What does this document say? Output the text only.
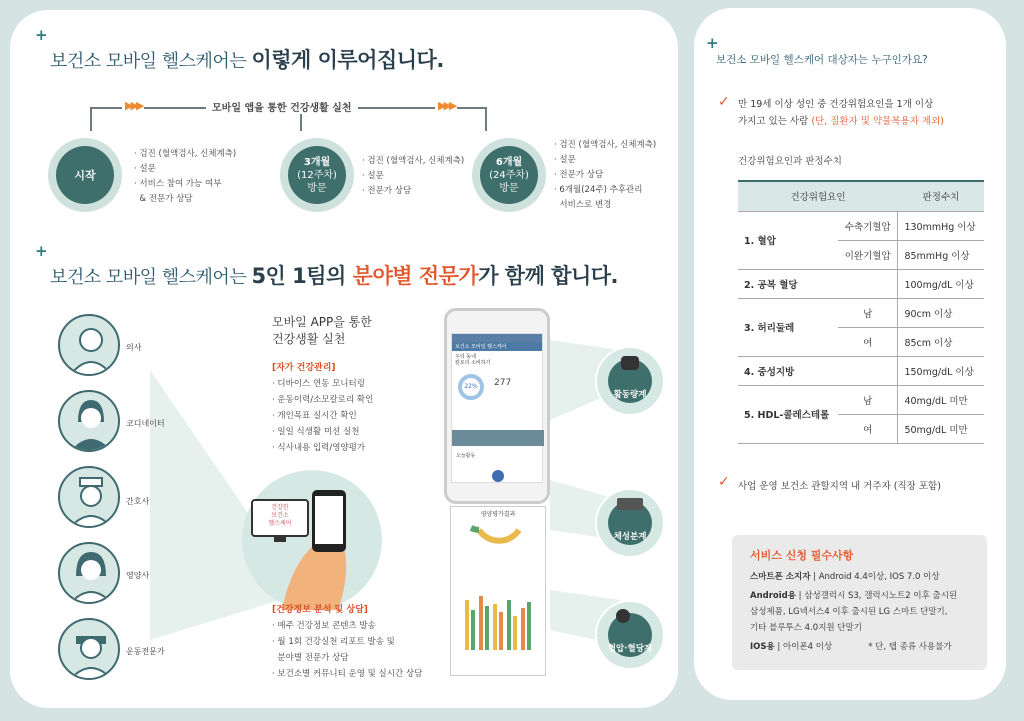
+
보건소 모바일 헬스케어는 이렇게 이루어집니다.
▶▶▶	▶▶▶
모바일 앱을 통한 건강생활 실천
시작
· 검진 (혈액검사, 신체계측)
· 설문
· 서비스 참여 가능 여부
& 전문가 상담
3개월
(12주차)
방문
· 검진 (혈액검사, 신체계측)
· 설문
· 전문가 상담
6개월
(24주차)
방문
· 검진 (혈액검사, 신체계측)
· 설문
· 전문가 상담
· 6개월(24주) 추후관리
서비스로 변경
+
보건소 모바일 헬스케어는 5인 1팀의 분야별 전문가가 함께 합니다.
의사
코디네이터
간호사
영양사
운동전문가
모바일 APP을 통한
건강생활 실천
[자가 건강관리]
· 디바이스 연동 모니터링
· 운동이력/소모칼로리 확인
· 개인목표 실시간 확인
· 일일 식생활 미션 실천
· 식사내용 입력/영양평가
건강한
보건소
헬스케어
[건강정보 분석 및 상담]
· 매주 건강정보 콘텐츠 발송
· 월 1회 건강실천 리포트 발송 및
분야별 전문가 상담
· 보건소별 커뮤니티 운영 및 실시간 상담
보건소 모바일 헬스케어
우리 동네
칼로리 소비하기
22%	277
오늘활동
영양평가결과
활동량계
체성분계
혈압·혈당계
+
보건소 모바일 헬스케어 대상자는 누구인가요?
✓ 만 19세 이상 성인 중 건강위험요인을 1개 이상
가지고 있는 사람 (단, 질환자 및 약물복용자 제외)
건강위험요인과 판정수치
건강위험요인		판정수치
1. 혈압	수축기혈압	130mmHg 이상
	이완기혈압	85mmHg 이상
2. 공복 혈당		100mg/dL 이상
3. 허리둘레	남	90cm 이상
	여	85cm 이상
4. 중성지방		150mg/dL 이상
5. HDL-콜레스테롤	남	40mg/dL 미만
	여	50mg/dL 미만
✓ 사업 운영 보건소 관할지역 내 거주자 (직장 포함)
서비스 신청 필수사항
스마트폰 소지자 | Android 4.4이상, IOS 7.0 이상
Android용 | 삼성갤럭시 S3, 갤럭시노트2 이후 출시된
삼성제품, LG넥서스4 이후 출시된 LG 스마트 단말기,
기타 블루투스 4.0지원 단말기
IOS용 | 아이폰4 이상	* 단, 탭 종류 사용불가
